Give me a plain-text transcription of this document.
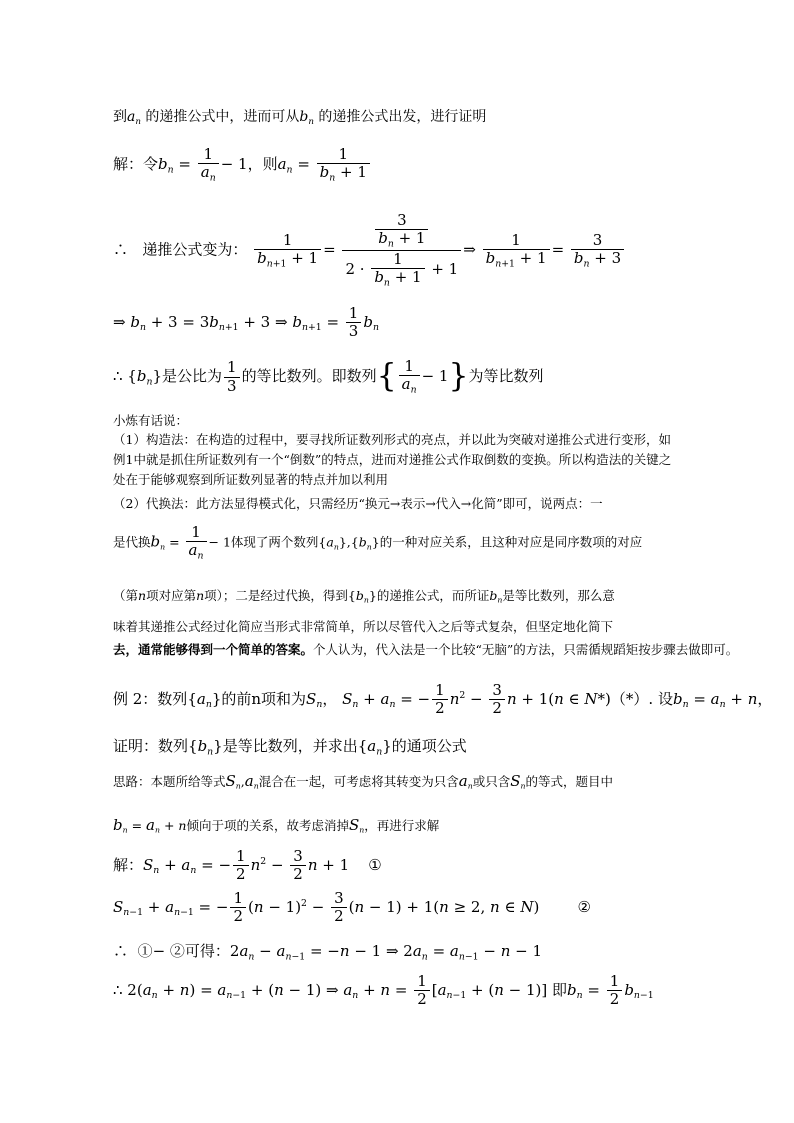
到$a_n$ 的递推公式中，进而可从$b_n$ 的递推公式出发，进行证明
解：令$b_n = \frac{1}{a_n} - 1$，则$a_n = \frac{1}{b_n + 1}$
∴ 递推公式变为： $\frac{1}{b_{n+1} + 1} = \frac{\frac{3}{b_n + 1}}{2 \cdot \frac{1}{b_n + 1} + 1}$ ⇒ $\frac{1}{b_{n+1} + 1} = \frac{3}{b_n + 3}$
⇒ $b_n + 3 = 3b_{n+1} + 3$ ⇒ $b_{n+1} = \frac{1}{3} b_n$
∴ $\{b_n\}$是公比为 $\frac{1}{3}$ 的等比数列。即数列{ $\frac{1}{a_n} - 1$}为等比数列
小炼有话说：
（1）构造法：在构造的过程中，要寻找所证数列形式的亮点，并以此为突破对递推公式进行变形，如例1中就是抓住所证数列有一个“倒数”的特点，进而对递推公式作取倒数的变换。所以构造法的关键之处在于能够观察到所证数列显著的特点并加以利用
（2）代换法：此方法显得模式化，只需经历“换元→表示→代入→化简”即可，说两点：一
是代换$b_n = \frac{1}{a_n} - 1$体现了两个数列$\{a_n\},\{b_n\}$的一种对应关系，且这种对应是同序数项的对应
（第n项对应第n项）；二是经过代换，得到$\{b_n\}$的递推公式，而所证$b_n$是等比数列，那么意
味着其递推公式经过化简应当形式非常简单，所以尽管代入之后等式复杂，但坚定地化简下
去，通常能够得到一个简单的答案。个人认为，代入法是一个比较“无脑”的方法，只需循规蹈矩按步骤去做即可。
例 2：数列$\{a_n\}$的前n项和为$S_n$， $S_n + a_n$ = − $\frac{1}{2} n^2 - \frac{3}{2}$ n + 1(n ∈ N*)（*）. 设$b_n = a_n + n$，
证明：数列$\{b_n\}$是等比数列，并求出$\{a_n\}$的通项公式
思路：本题所给等式$S_n,a_n$混合在一起，可考虑将其转变为只含$a_n$或只含$S_n$的等式，题目中
$b_n = a_n + n$倾向于项的关系，故考虑消掉$S_n$，再进行求解
解：$S_n + a_n$ = − $\frac{1}{2} n^2 - \frac{3}{2}$ n + 1    ①
$S_{n-1} + a_{n-1}$ = − $\frac{1}{2} (n - 1)^2 - \frac{3}{2} (n - 1) + 1(n \ge 2$, n ∈ N)        ②
∴ ①− ②可得：$2a_n - a_{n-1} = -n - 1$ ⇒ $2a_n = a_{n-1} - n - 1$
∴ $2(a_n + n) = a_{n-1} + (n - 1)$ ⇒ $a_n + n = \frac{1}{2} [a_{n-1} + (n - 1)]$ 即$b_n = \frac{1}{2} b_{n-1}$
